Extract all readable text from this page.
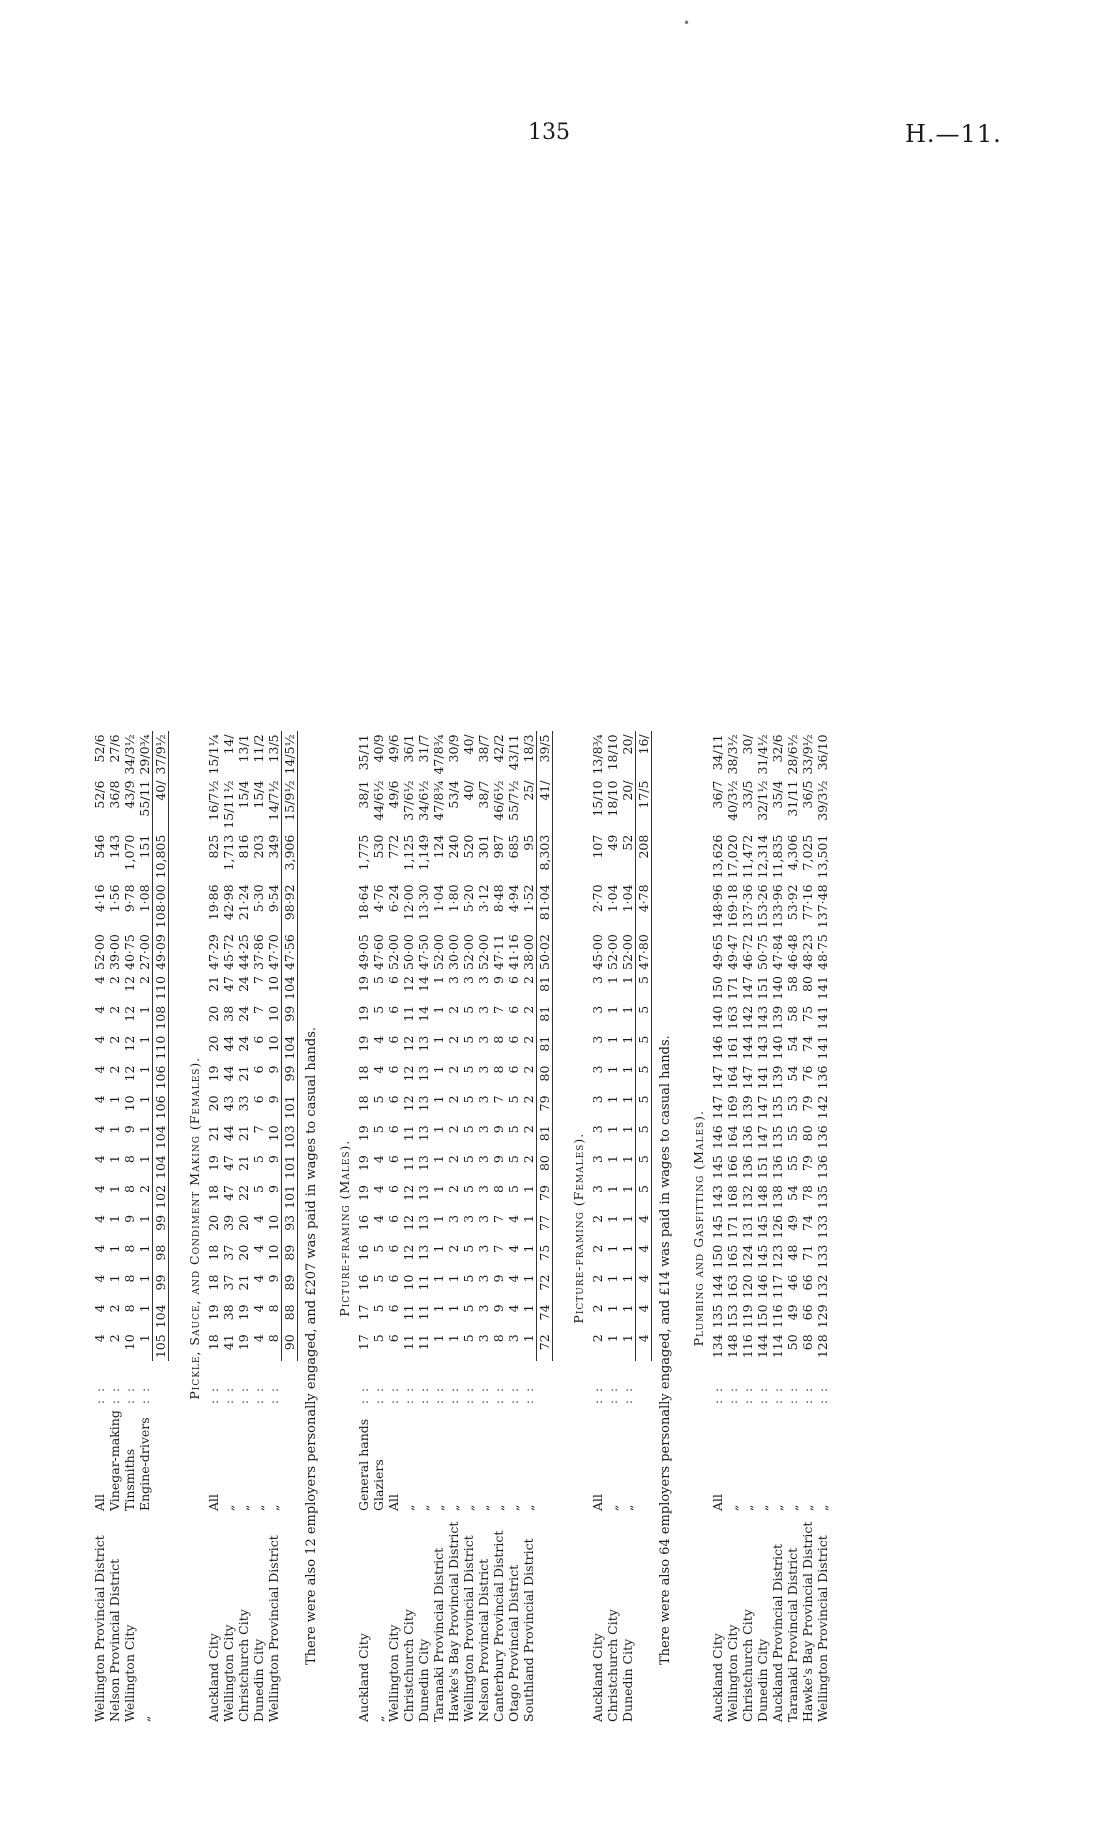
•
135	H.—11.
Wellington Provincial District	All	: :	4	4	4	4	4	4	4	4	4	4	4	4	4	52·00	4·16	546	52/6	52/6
Nelson Provincial District	Vinegar-making	: :	2	2	1	1	1	1	1	1	1	2	2	2	2	39·00	1·56	143	36/8	27/6
Wellington City	Tinsmiths	: :	10	8	8	8	9	8	8	9	10	12	12	12	12	40·75	9·78	1,070	43/9	34/3½
„	Engine-drivers	: :	1	1	1	1	1	2	1	1	1	1	1	1	2	27·00	1·08	151	55/11	29/0¾
			105	104	99	98	99	102	104	104	106	106	110	108	110	49·09	108·00	10,805	40/	37/9½

Pickle, Sauce, and Condiment Making (Females).																				
Auckland City	All	: :	18	19	18	18	20	18	19	21	20	19	20	20	21	47·29	19·86	825	16/7½	15/1¼
Wellington City	„	: :	41	38	37	37	39	47	47	44	43	44	44	38	47	45·72	42·98	1,713	15/11½	14/
Christchurch City	„	: :	19	19	21	20	20	22	21	21	33	21	24	24	24	44·25	21·24	816	15/4	13/1
Dunedin City	„	: :	4	4	4	4	4	5	5	7	6	6	6	7	7	37·86	5·30	203	15/4	11/2
Wellington Provincial District	„	: :	8	8	9	10	10	9	9	10	9	9	10	10	10	47·70	9·54	349	14/7½	13/5
			90	88	89	89	93	101	101	103	101	99	104	99	104	47·56	98·92	3,906	15/9½	14/5½
There were also 12 employers personally engaged, and £207 was paid in wages to casual hands.																				
Picture-framing (Males).																				
Auckland City	General hands	: :	17	17	16	16	16	19	19	19	18	18	19	19	19	49·05	18·64	1,775	38/1	35/11
„	Glaziers	: :	5	5	5	5	4	4	4	5	5	4	4	5	5	47·60	4·76	530	44/6½	40/9
Wellington City	All	: :	6	6	6	6	6	6	6	6	6	6	6	6	6	52·00	6·24	772	49/6	49/6
Christchurch City	„	: :	11	11	10	12	12	12	11	11	12	12	12	11	12	50·00	12·00	1,125	37/6½	36/1
Dunedin City	„	: :	11	11	11	13	13	13	13	13	13	13	13	14	14	47·50	13·30	1,149	34/6½	31/7
Taranaki Provincial District	„	: :	1	1	1	1	1	1	1	1	1	1	1	1	1	52·00	1·04	124	47/8¾	47/8¾
Hawke's Bay Provincial District	„	: :	1	1	1	2	3	2	2	2	2	2	2	2	3	30·00	1·80	240	53/4	30/9
Wellington Provincial District	„	: :	5	5	5	5	3	5	5	5	5	5	5	5	3	52·00	5·20	520	40/	40/
Nelson Provincial District	„	: :	3	3	3	3	3	3	3	3	3	3	3	3	3	52·00	3·12	301	38/7	38/7
Canterbury Provincial District	„	: :	8	9	9	7	7	8	9	9	7	8	8	7	9	47·11	8·48	987	46/6½	42/2
Otago Provincial District	„	: :	3	4	4	4	4	5	5	5	5	6	6	6	6	41·16	4·94	685	55/7½	43/11
Southland Provincial District	„	: :	1	1	1	1	1	1	2	2	2	2	2	2	2	38·00	1·52	95	25/	18/3
			72	74	72	75	77	79	80	81	79	80	81	81	81	50·02	81·04	8,303	41/	39/5

Picture-framing (Females).																				
Auckland City	All	: :	2	2	2	2	2	3	3	3	3	3	3	3	3	45·00	2·70	107	15/10	13/8¾
Christchurch City	„	: :	1	1	1	1	1	1	1	1	1	1	1	1	1	52·00	1·04	49	18/10	18/10
Dunedin City	„	: :	1	1	1	1	1	1	1	1	1	1	1	1	1	52·00	1·04	52	20/	20/
			4	4	4	4	4	5	5	5	5	5	5	5	5	47·80	4·78	208	17/5	16/
There were also 64 employers personally engaged, and £14 was paid in wages to casual hands.																				
Plumbing and Gasfitting (Males).																				
Auckland City	All	: :	134	135	144	150	145	143	145	146	147	147	146	140	150	49·65	148·96	13,626	36/7	34/11
Wellington City	„	: :	148	153	163	165	171	168	166	164	169	164	161	163	171	49·47	169·18	17,020	40/3½	38/3½
Christchurch City	„	: :	116	119	120	124	131	132	136	136	139	147	144	142	147	46·72	137·36	11,472	33/5	30/
Dunedin City	„	: :	144	150	146	145	145	148	151	147	147	141	143	143	151	50·75	153·26	12,314	32/1½	31/4½
Auckland Provincial District	„	: :	114	116	117	123	126	138	136	135	135	139	140	139	140	47·84	133·96	11,835	35/4	32/6
Taranaki Provincial District	„	: :	50	49	46	48	49	54	55	55	53	54	54	58	58	46·48	53·92	4,306	31/11	28/6½
Hawke's Bay Provincial District	„	: :	68	66	66	71	74	78	79	80	79	76	74	75	80	48·23	77·16	7,025	36/5	33/9½
Wellington Provincial District	„	: :	128	129	132	133	133	135	136	136	142	136	141	141	141	48·75	137·48	13,501	39/3½	36/10
